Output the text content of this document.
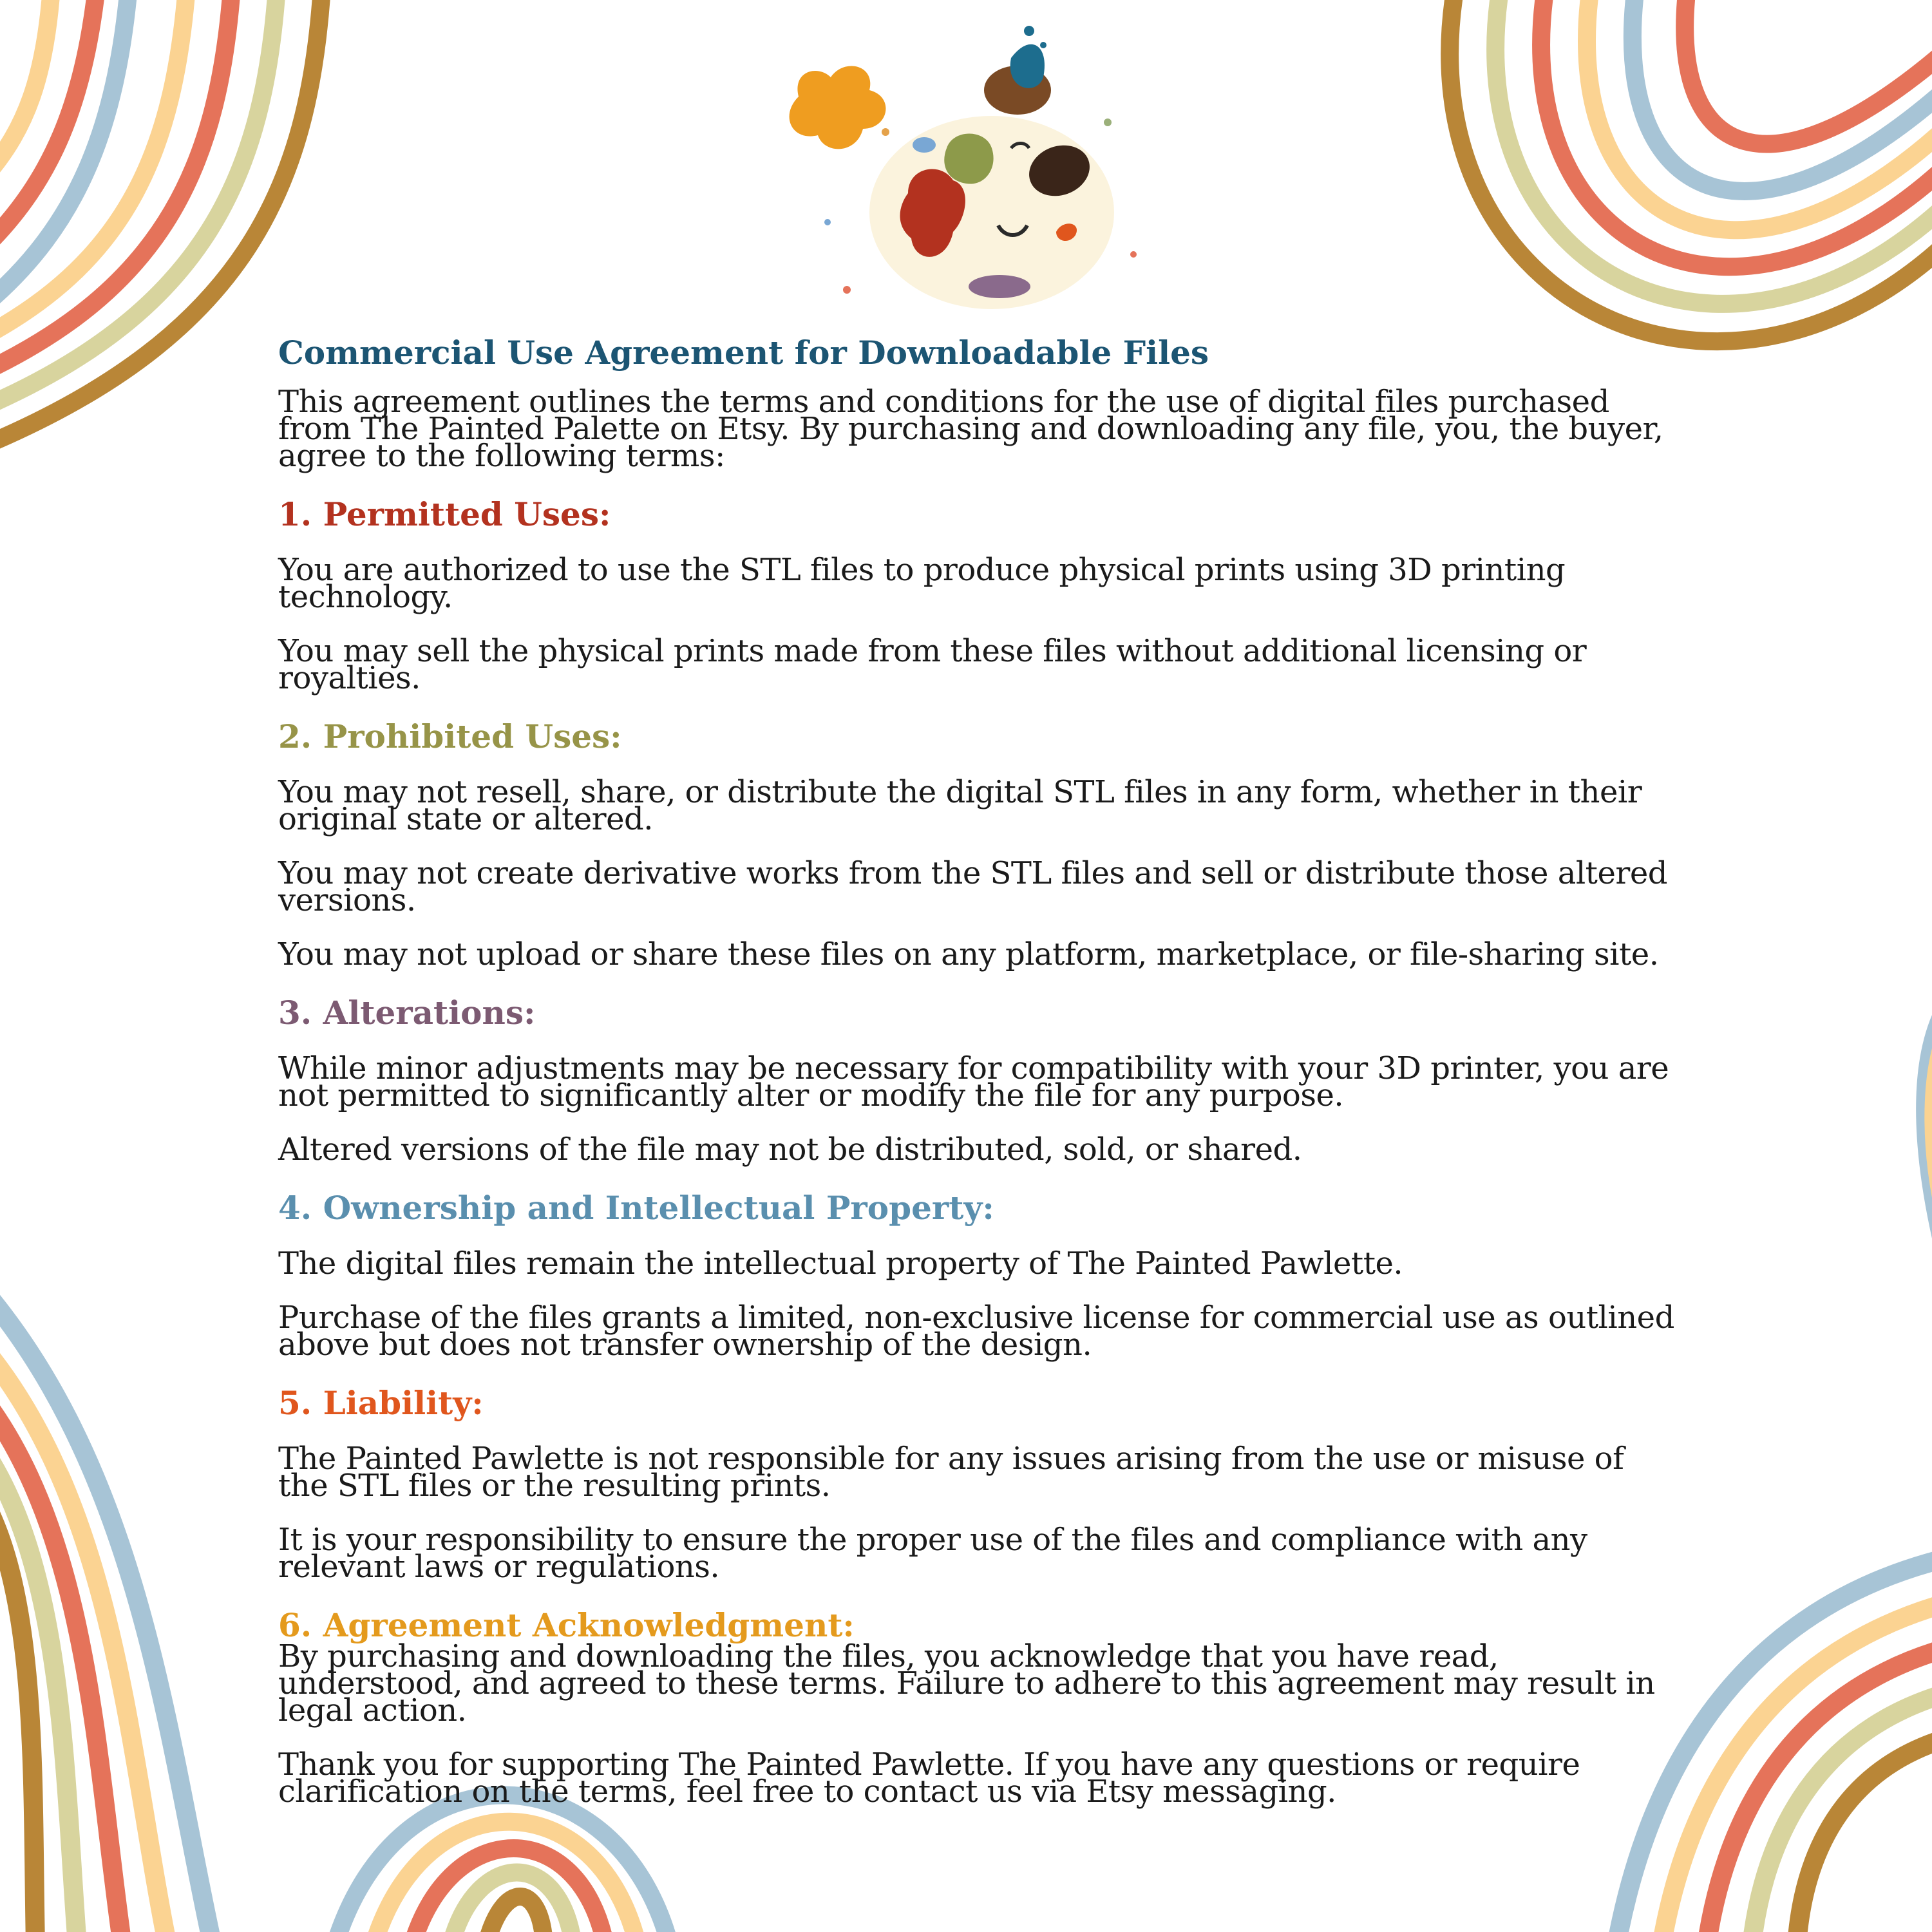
Commercial Use Agreement for Downloadable Files

This agreement outlines the terms and conditions for the use of digital files purchased from The Painted Palette on Etsy. By purchasing and downloading any file, you, the buyer, agree to the following terms:

1. Permitted Uses:

You are authorized to use the STL files to produce physical prints using 3D printing technology.

You may sell the physical prints made from these files without additional licensing or royalties.

2. Prohibited Uses:

You may not resell, share, or distribute the digital STL files in any form, whether in their original state or altered.

You may not create derivative works from the STL files and sell or distribute those altered versions.

You may not upload or share these files on any platform, marketplace, or file-sharing site.

3. Alterations:

While minor adjustments may be necessary for compatibility with your 3D printer, you are not permitted to significantly alter or modify the file for any purpose.

Altered versions of the file may not be distributed, sold, or shared.

4. Ownership and Intellectual Property:

The digital files remain the intellectual property of The Painted Pawlette.

Purchase of the files grants a limited, non-exclusive license for commercial use as outlined above but does not transfer ownership of the design.

5. Liability:

The Painted Pawlette is not responsible for any issues arising from the use or misuse of the STL files or the resulting prints.

It is your responsibility to ensure the proper use of the files and compliance with any relevant laws or regulations.

6. Agreement Acknowledgment:

By purchasing and downloading the files, you acknowledge that you have read, understood, and agreed to these terms. Failure to adhere to this agreement may result in legal action.

Thank you for supporting The Painted Pawlette. If you have any questions or require clarification on the terms, feel free to contact us via Etsy messaging.
